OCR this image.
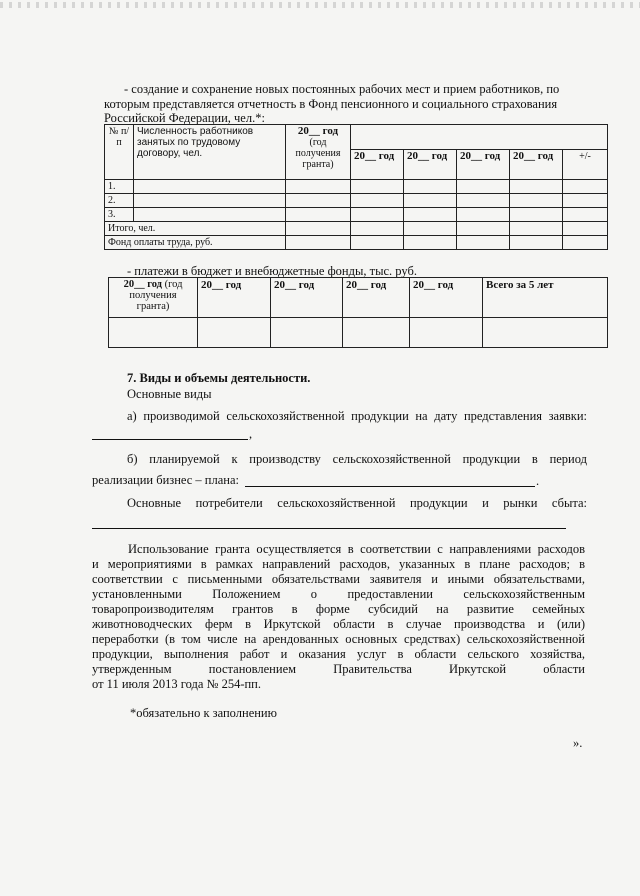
- создание и сохранение новых постоянных рабочих мест и прием работников, по
которым представляется отчетность в Фонд пенсионного и социального страхования
Российской Федерации, чел.*:
№ п/п	Численность работников занятых по трудовому договору, чел.	20__ год
(год получения гранта)					
			20__ год	20__ год	20__ год	20__ год	+/-
1.							
2.							
3.							
Итого, чел.							
Фонд оплаты труда, руб.							
- платежи в бюджет и внебюджетные фонды, тыс. руб.
20__ год (год получения гранта)	20__ год	20__ год	20__ год	20__ год	Всего за 5 лет

7. Виды и объемы деятельности.
Основные виды
а) производимой сельскохозяйственной продукции на дату представления заявки:
,
б) планируемой к производству сельскохозяйственной продукции в период
реализации бизнес – плана:	.
Основные потребители сельскохозяйственной продукции и рынки сбыта:
Использование гранта осуществляется в соответствии с направлениями расходов
и мероприятиями в рамках направлений расходов, указанных в плане расходов; в
соответствии с письменными обязательствами заявителя и иными обязательствами,
установленными Положением о предоставлении сельскохозяйственным
товаропроизводителям грантов в форме субсидий на развитие семейных
животноводческих ферм в Иркутской области в случае производства и (или)
переработки (в том числе на арендованных основных средствах) сельскохозяйственной
продукции, выполнения работ и оказания услуг в области сельского хозяйства,
утвержденным постановлением Правительства Иркутской области
от 11 июля 2013 года № 254-пп.
*обязательно к заполнению
».
